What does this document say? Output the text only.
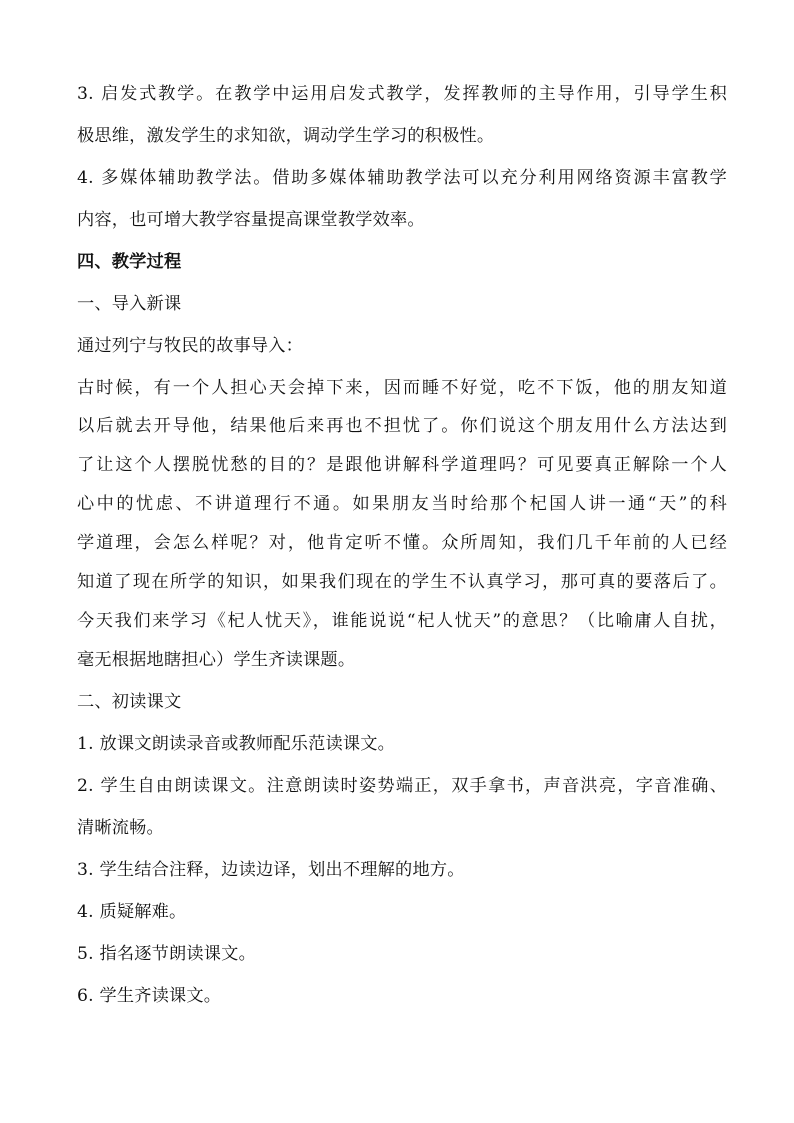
3. 启发式教学。在教学中运用启发式教学，发挥教师的主导作用，引导学生积

极思维，激发学生的求知欲，调动学生学习的积极性。

4. 多媒体辅助教学法。借助多媒体辅助教学法可以充分利用网络资源丰富教学

内容，也可增大教学容量提高课堂教学效率。

四、教学过程

一、导入新课

通过列宁与牧民的故事导入：

古时候，有一个人担心天会掉下来，因而睡不好觉，吃不下饭，他的朋友知道

以后就去开导他，结果他后来再也不担忧了。你们说这个朋友用什么方法达到

了让这个人摆脱忧愁的目的？是跟他讲解科学道理吗？可见要真正解除一个人

心中的忧虑、不讲道理行不通。如果朋友当时给那个杞国人讲一通“天”的科

学道理，会怎么样呢？对，他肯定听不懂。众所周知，我们几千年前的人已经

知道了现在所学的知识，如果我们现在的学生不认真学习，那可真的要落后了。

今天我们来学习《杞人忧天》，谁能说说“杞人忧天”的意思？（比喻庸人自扰，

毫无根据地瞎担心）学生齐读课题。

二、初读课文

1. 放课文朗读录音或教师配乐范读课文。

2. 学生自由朗读课文。注意朗读时姿势端正，双手拿书，声音洪亮，字音准确、

清晰流畅。

3. 学生结合注释，边读边译，划出不理解的地方。

4. 质疑解难。

5. 指名逐节朗读课文。

6. 学生齐读课文。
